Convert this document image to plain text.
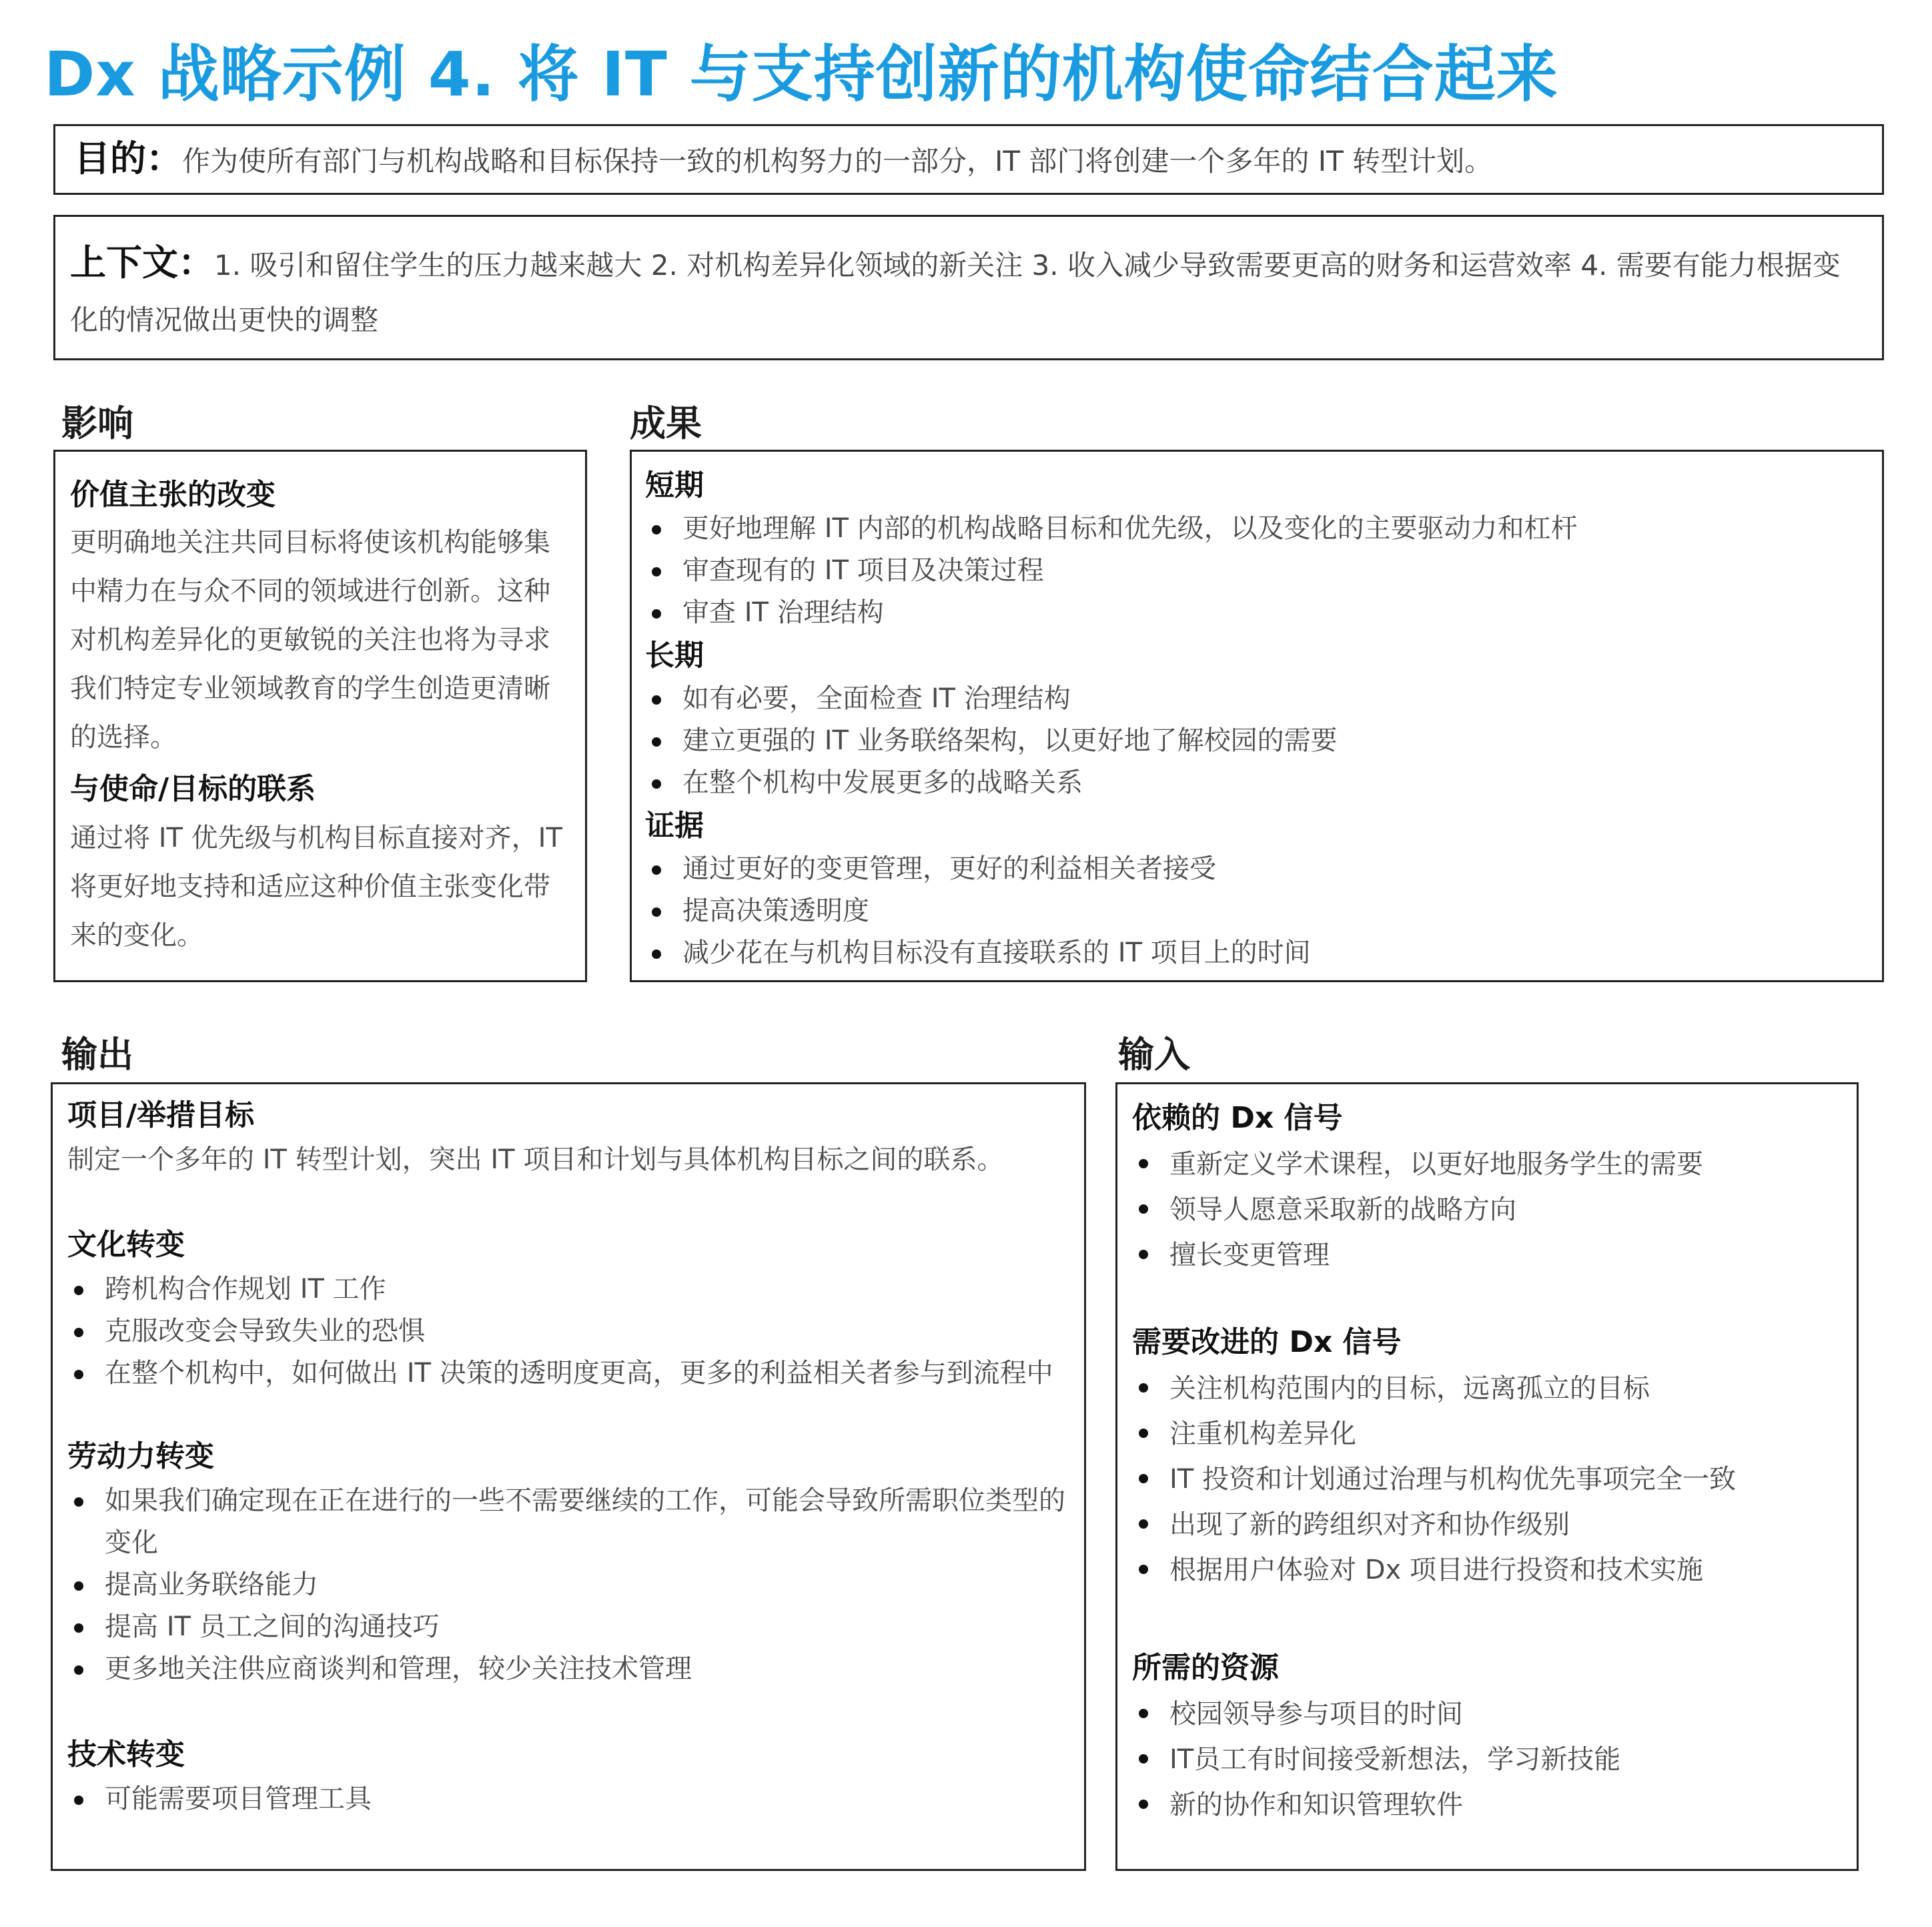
Dx 战略示例 4. 将 IT 与支持创新的机构使命结合起来
目的：作为使所有部门与机构战略和目标保持一致的机构努力的一部分，IT 部门将创建一个多年的 IT 转型计划。
上下文：1. 吸引和留住学生的压力越来越大 2. 对机构差异化领域的新关注 3. 收入减少导致需要更高的财务和运营效率 4. 需要有能力根据变化的情况做出更快的调整
影响

价值主张的改变

更明确地关注共同目标将使该机构能够集中精力在与众不同的领域进行创新。这种对机构差异化的更敏锐的关注也将为寻求我们特定专业领域教育的学生创造更清晰的选择。

与使命/目标的联系

通过将 IT 优先级与机构目标直接对齐，IT 将更好地支持和适应这种价值主张变化带来的变化。

成果

短期

更好地理解 IT 内部的机构战略目标和优先级，以及变化的主要驱动力和杠杆
审查现有的 IT 项目及决策过程
审查 IT 治理结构

长期

如有必要，全面检查 IT 治理结构
建立更强的 IT 业务联络架构，以更好地了解校园的需要
在整个机构中发展更多的战略关系

证据

通过更好的变更管理，更好的利益相关者接受
提高决策透明度
减少花在与机构目标没有直接联系的 IT 项目上的时间
输出

项目/举措目标

制定一个多年的 IT 转型计划，突出 IT 项目和计划与具体机构目标之间的联系。

文化转变

跨机构合作规划 IT 工作
克服改变会导致失业的恐惧
在整个机构中，如何做出 IT 决策的透明度更高，更多的利益相关者参与到流程中

劳动力转变

如果我们确定现在正在进行的一些不需要继续的工作，可能会导致所需职位类型的变化
提高业务联络能力
提高 IT 员工之间的沟通技巧
更多地关注供应商谈判和管理，较少关注技术管理

技术转变

可能需要项目管理工具
输入

依赖的 Dx 信号

重新定义学术课程，以更好地服务学生的需要
领导人愿意采取新的战略方向
擅长变更管理

需要改进的 Dx 信号

关注机构范围内的目标，远离孤立的目标
注重机构差异化
IT 投资和计划通过治理与机构优先事项完全一致
出现了新的跨组织对齐和协作级别
根据用户体验对 Dx 项目进行投资和技术实施

所需的资源

校园领导参与项目的时间
IT员工有时间接受新想法，学习新技能
新的协作和知识管理软件
